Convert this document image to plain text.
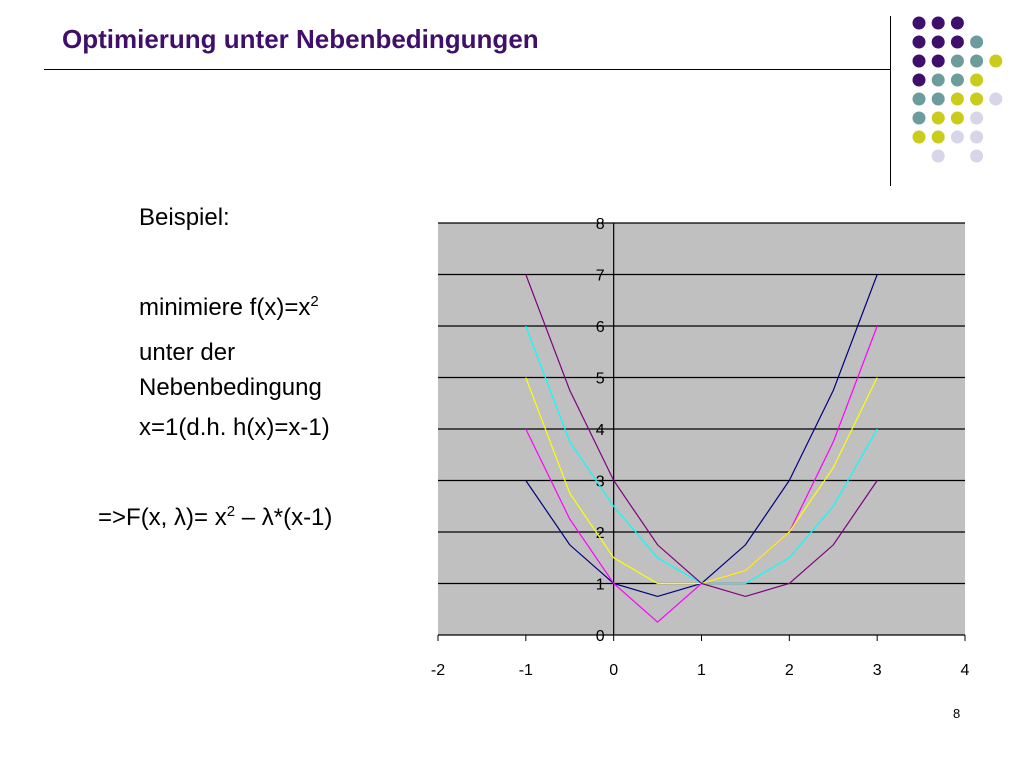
Optimierung unter Nebenbedingungen
Beispiel:
minimiere $f(x)=x^2$
unter der
Nebenbedingung
x=1(d.h. h(x)=x-1)
=>F(x, $\lambda)= x^2 - \lambda*(x-1)$
0
1
2
3
4
5
6
7
8
-2	-1	0	1	2	3	4
8
